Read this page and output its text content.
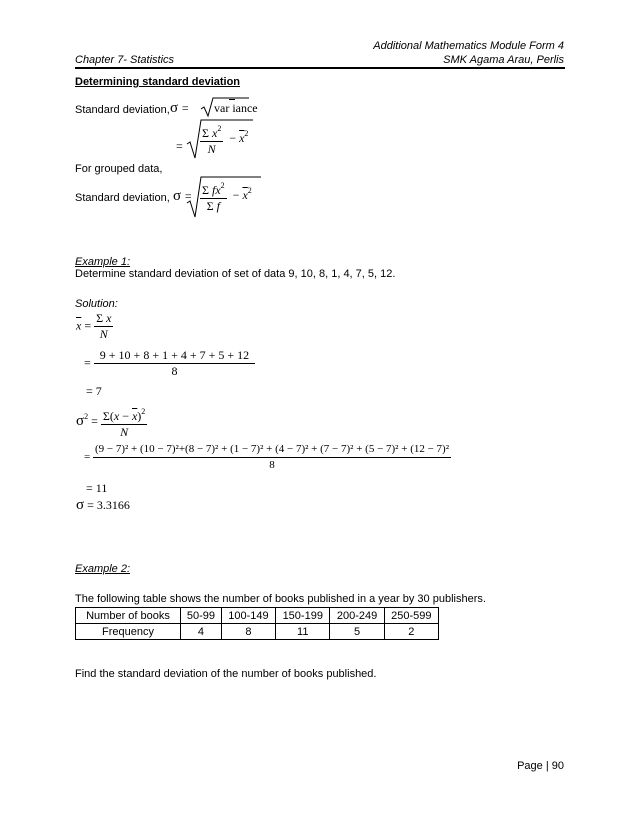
Additional Mathematics Module Form 4
Chapter 7- Statistics	SMK Agama Arau, Perlis
Determining standard deviation
Standard deviation, σ = var iance
= $\frac{\Sigma x^2}{N} - \overline{x}^2$
For grouped data,
Standard deviation, $\sigma = \frac{\Sigma fx^2}{\text{Σ f}} - \overline{x}^2$
Example 1:
Determine standard deviation of set of data 9, 10, 8, 1, 4, 7, 5, 12.
Solution:
$\overline{x} = \frac{\text{Σ x}}{N}$
= $\frac{9 + 10 + 8 + 1 + 4 + 7 + 5 + 12}{8}$
= 7
$\sigma^2 = \frac{\Sigma(x - \overline{x})^2}{N}$
=
(9 − 7)² + (10 − 7)²+(8 − 7)² + (1 − 7)² + (4 − 7)² + (7 − 7)² + (5 − 7)² + (12 − 7)²
8
= 11
σ = 3.3166
Example 2:
The following table shows the number of books published in a year by 30 publishers.
Number of books	50-99	100-149	150-199	200-249	250-599
Frequency	4	8	11	5	2
Find the standard deviation of the number of books published.
Page | 90
